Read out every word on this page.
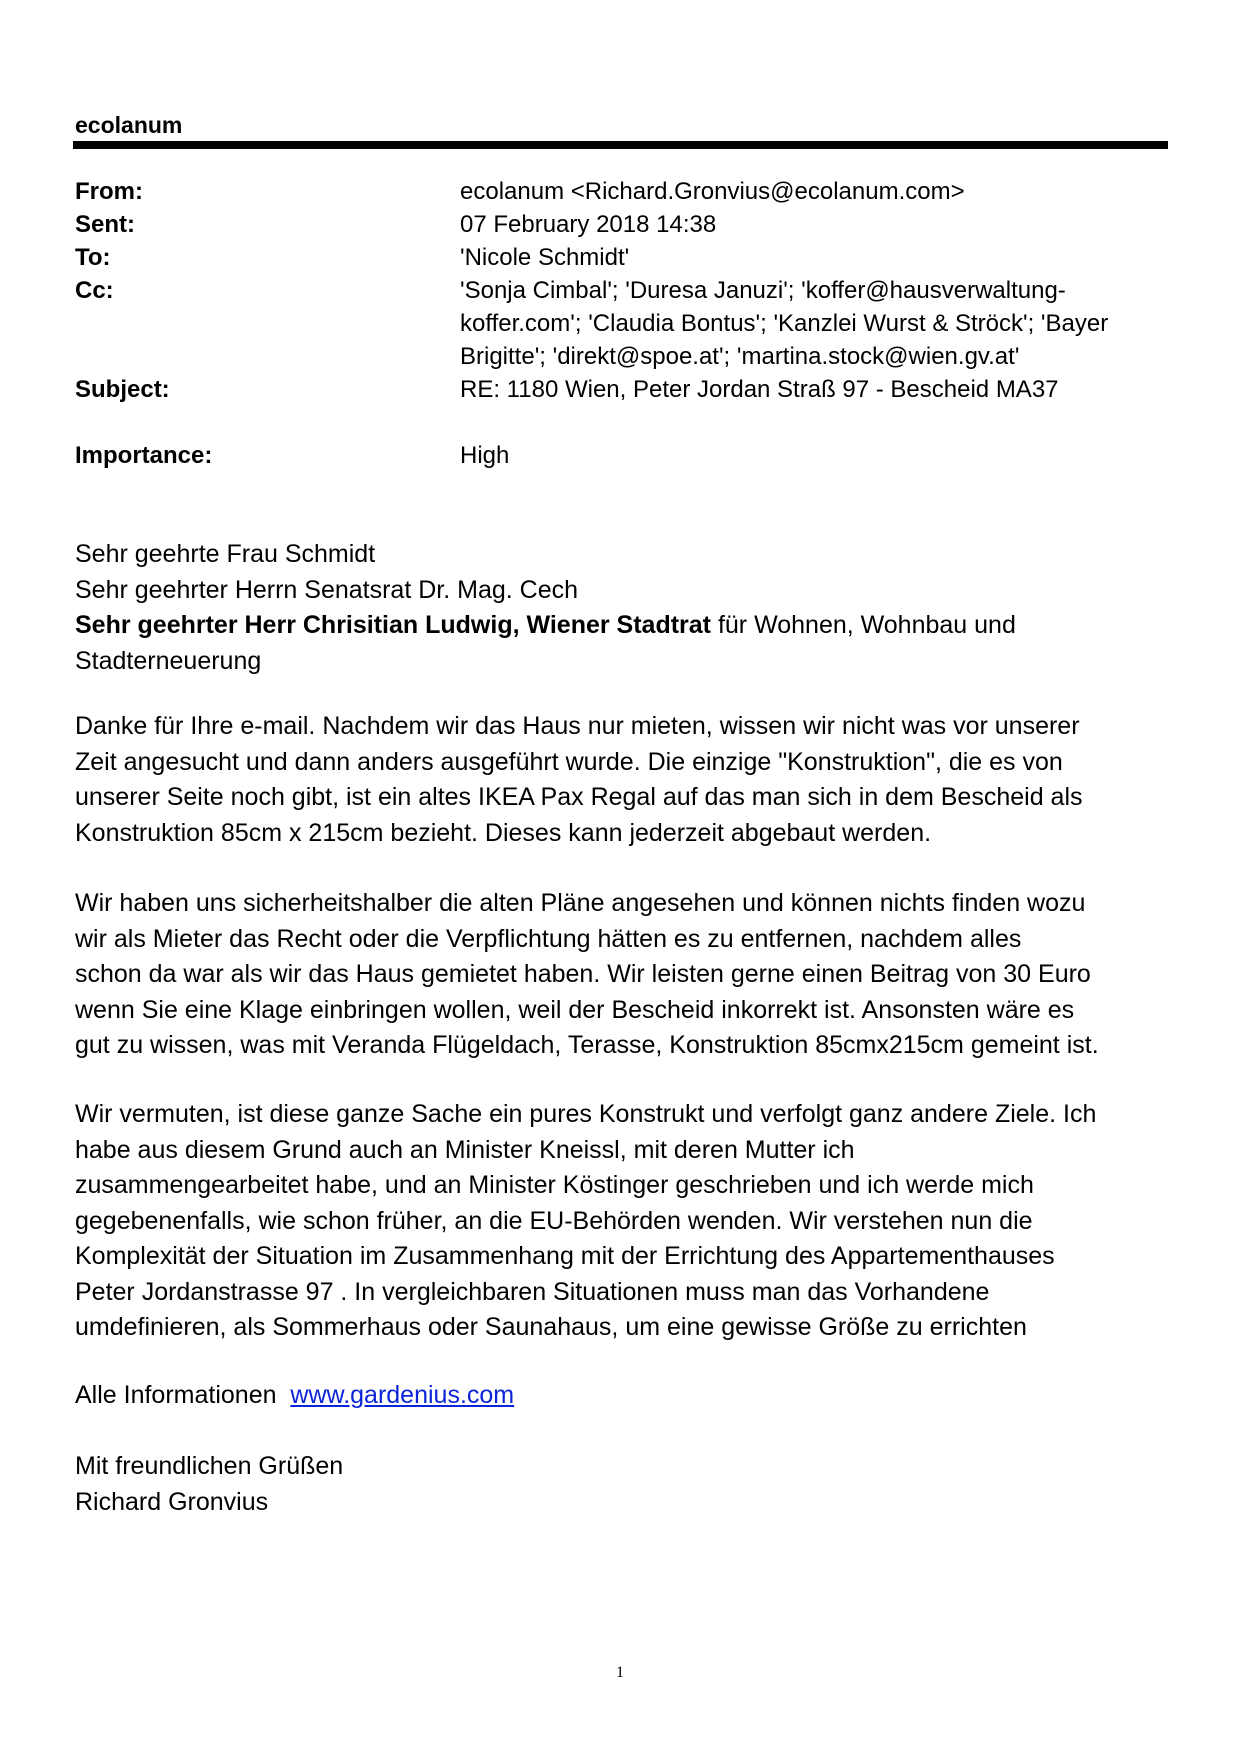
ecolanum
From:	ecolanum <Richard.Gronvius@ecolanum.com>
Sent:	07 February 2018 14:38
To:	'Nicole Schmidt'
Cc:	'Sonja Cimbal'; 'Duresa Januzi'; 'koffer@hausverwaltung-
koffer.com'; 'Claudia Bontus'; 'Kanzlei Wurst & Ströck'; 'Bayer
Brigitte'; 'direkt@spoe.at'; 'martina.stock@wien.gv.at'
Subject:	RE: 1180 Wien, Peter Jordan Straß 97 - Bescheid MA37
Importance:	High

Sehr geehrte Frau Schmidt

Sehr geehrter Herrn Senatsrat Dr. Mag. Cech

Sehr geehrter Herr Chrisitian Ludwig, Wiener Stadtrat für Wohnen, Wohnbau und

Stadterneuerung

Danke für Ihre e-mail. Nachdem wir das Haus nur mieten, wissen wir nicht was vor unserer

Zeit angesucht und dann anders ausgeführt wurde. Die einzige "Konstruktion", die es von

unserer Seite noch gibt, ist ein altes IKEA Pax Regal auf das man sich in dem Bescheid als

Konstruktion 85cm x 215cm bezieht. Dieses kann jederzeit abgebaut werden.

Wir haben uns sicherheitshalber die alten Pläne angesehen und können nichts finden wozu

wir als Mieter das Recht oder die Verpflichtung hätten es zu entfernen, nachdem alles

schon da war als wir das Haus gemietet haben. Wir leisten gerne einen Beitrag von 30 Euro

wenn Sie eine Klage einbringen wollen, weil der Bescheid inkorrekt ist. Ansonsten wäre es

gut zu wissen, was mit Veranda Flügeldach, Terasse, Konstruktion 85cmx215cm gemeint ist.

Wir vermuten, ist diese ganze Sache ein pures Konstrukt und verfolgt ganz andere Ziele. Ich

habe aus diesem Grund auch an Minister Kneissl, mit deren Mutter ich

zusammengearbeitet habe, und an Minister Köstinger geschrieben und ich werde mich

gegebenenfalls, wie schon früher, an die EU-Behörden wenden. Wir verstehen nun die

Komplexität der Situation im Zusammenhang mit der Errichtung des Appartementhauses

Peter Jordanstrasse 97 . In vergleichbaren Situationen muss man das Vorhandene

umdefinieren, als Sommerhaus oder Saunahaus, um eine gewisse Größe zu errichten

Alle Informationen  www.gardenius.com

Mit freundlichen Grüßen

Richard Gronvius

1
